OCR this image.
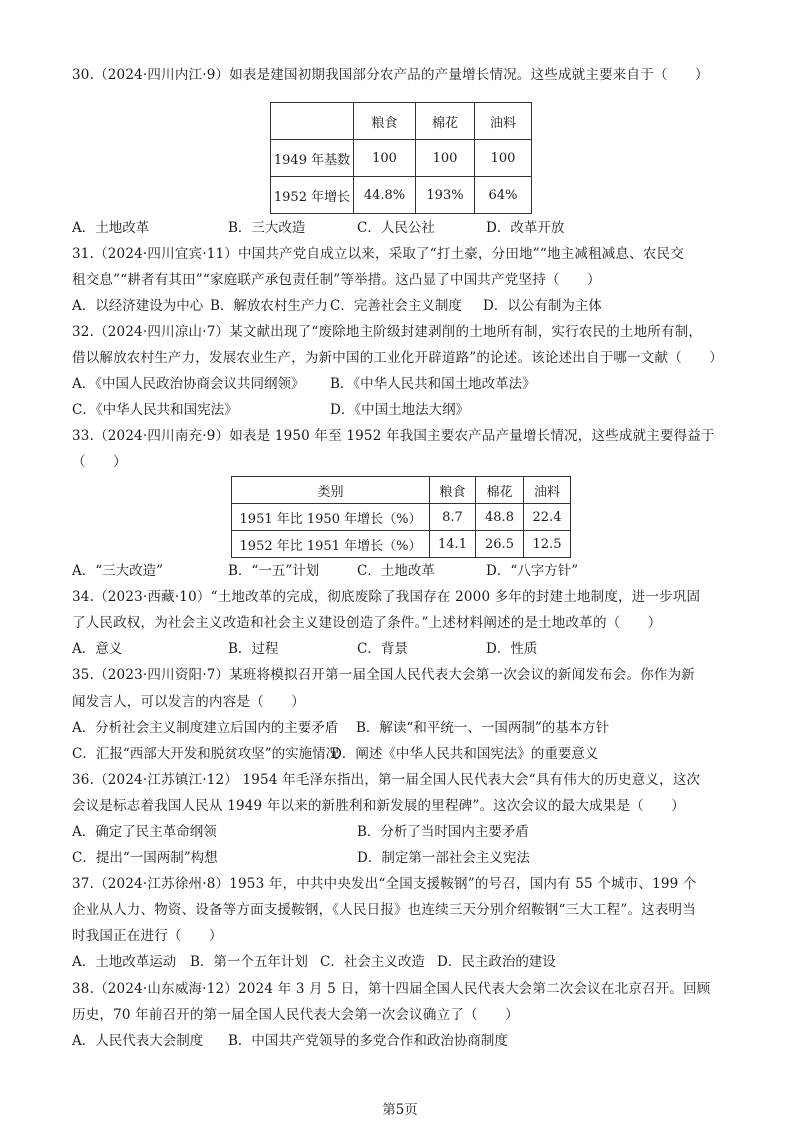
30.（2024·四川内江·9）如表是建国初期我国部分农产品的产量增长情况。这些成就主要来自于（　　）
	粮食	棉花	油料
1949 年基数	100	100	100
1952 年增长	44.8%	193%	64%
A．土地改革	B．三大改造	C．人民公社	D．改革开放
31.（2024·四川宜宾·11）中国共产党自成立以来，采取了“打土豪，分田地”“地主减租减息、农民交
租交息”“耕者有其田”“家庭联产承包责任制”等举措。这凸显了中国共产党坚持（　　）
A．以经济建设为中心 B．解放农村生产力 C．完善社会主义制度 D．以公有制为主体
32.（2024·四川凉山·7）某文献出现了“废除地主阶级封建剥削的土地所有制，实行农民的土地所有制，
借以解放农村生产力，发展农业生产，为新中国的工业化开辟道路”的论述。该论述出自于哪一文献（　　）
A．《中国人民政治协商会议共同纲领》 B．《中华人民共和国土地改革法》
C．《中华人民共和国宪法》	D．《中国土地法大纲》
33.（2024·四川南充·9）如表是 1950 年至 1952 年我国主要农产品产量增长情况，这些成就主要得益于
（　　）
类别	粮食	棉花	油料
1951 年比 1950 年增长（%）	8.7	48.8	22.4
1952 年比 1951 年增长（%）	14.1	26.5	12.5
A．“三大改造”	B．“一五”计划	C．土地改革	D．“八字方针”
34.（2023·西藏·10）“土地改革的完成，彻底废除了我国存在 2000 多年的封建土地制度，进一步巩固
了人民政权，为社会主义改造和社会主义建设创造了条件。”上述材料阐述的是土地改革的（　　）
A．意义	B．过程	C．背景	D．性质
35.（2023·四川资阳·7）某班将模拟召开第一届全国人民代表大会第一次会议的新闻发布会。你作为新
闻发言人，可以发言的内容是（　　）
A．分析社会主义制度建立后国内的主要矛盾 B．解读“和平统一、一国两制”的基本方针
C．汇报“西部大开发和脱贫攻坚”的实施情况
D．阐述《中华人民共和国宪法》的重要意义
36.（2024·江苏镇江·12） 1954 年毛泽东指出，第一届全国人民代表大会“具有伟大的历史意义，这次
会议是标志着我国人民从 1949 年以来的新胜利和新发展的里程碑”。这次会议的最大成果是（　　）
A．确定了民主革命纲领	B．分析了当时国内主要矛盾
C．提出“一国两制”构想	D．制定第一部社会主义宪法
37.（2024·江苏徐州·8）1953 年，中共中央发出“全国支援鞍钢”的号召，国内有 55 个城市、199 个
企业从人力、物资、设备等方面支援鞍钢，《人民日报》也连续三天分别介绍鞍钢“三大工程”。这表明当
时我国正在进行（　　）
A．土地改革运动 B．第一个五年计划 C．社会主义改造 D．民主政治的建设
38.（2024·山东威海·12）2024 年 3 月 5 日，第十四届全国人民代表大会第二次会议在北京召开。回顾
历史，70 年前召开的第一届全国人民代表大会第一次会议确立了（　　）
A．人民代表大会制度 B．中国共产党领导的多党合作和政治协商制度
第5页
